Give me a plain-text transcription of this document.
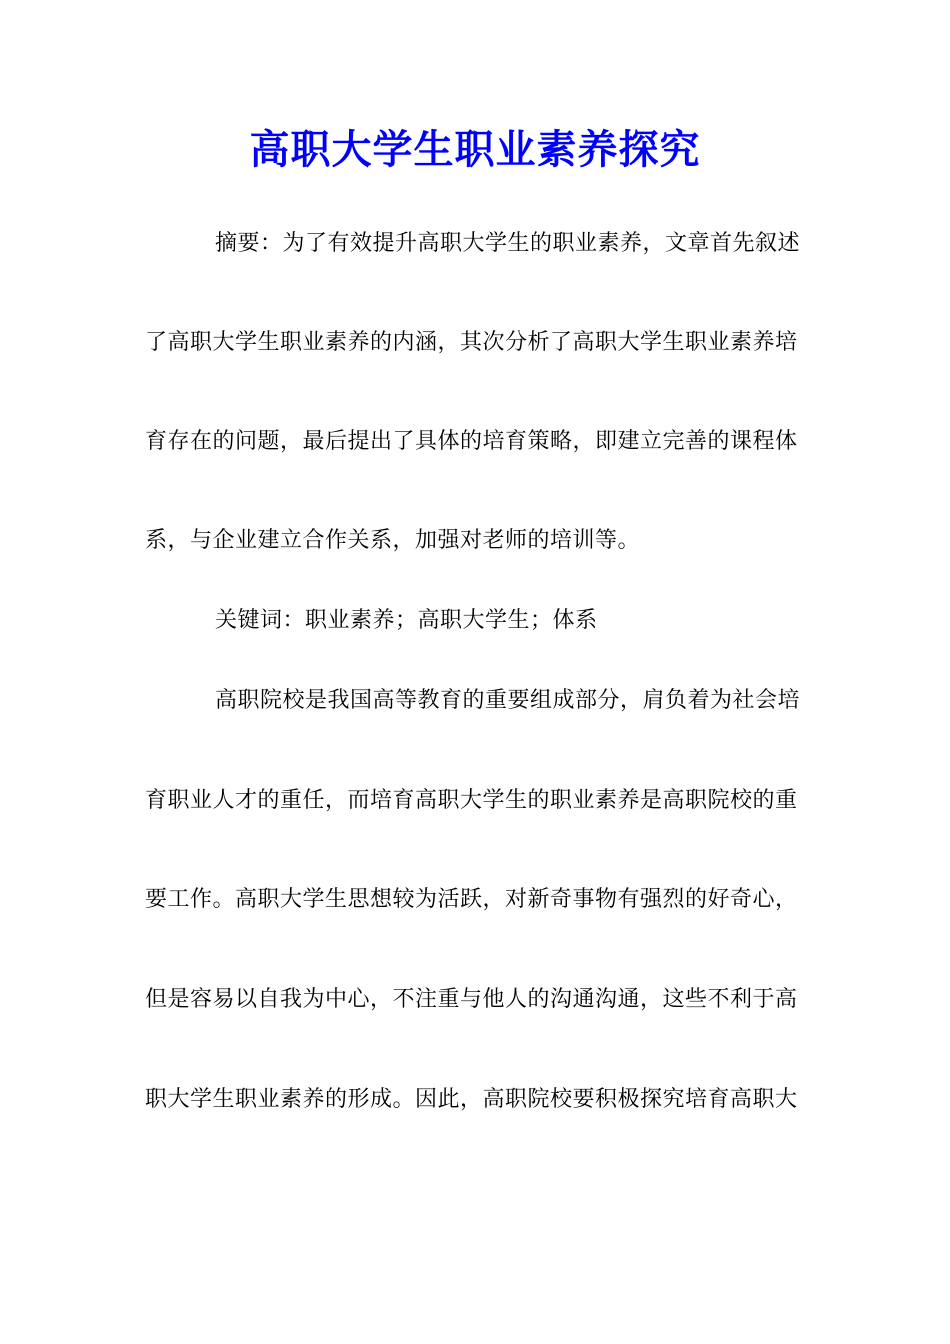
高职大学生职业素养探究
摘要：为了有效提升高职大学生的职业素养，文章首先叙述
了高职大学生职业素养的内涵，其次分析了高职大学生职业素养培
育存在的问题，最后提出了具体的培育策略，即建立完善的课程体
系，与企业建立合作关系，加强对老师的培训等。
关键词：职业素养；高职大学生；体系
高职院校是我国高等教育的重要组成部分，肩负着为社会培
育职业人才的重任，而培育高职大学生的职业素养是高职院校的重
要工作。高职大学生思想较为活跃，对新奇事物有强烈的好奇心，
但是容易以自我为中心，不注重与他人的沟通沟通，这些不利于高
职大学生职业素养的形成。因此，高职院校要积极探究培育高职大
